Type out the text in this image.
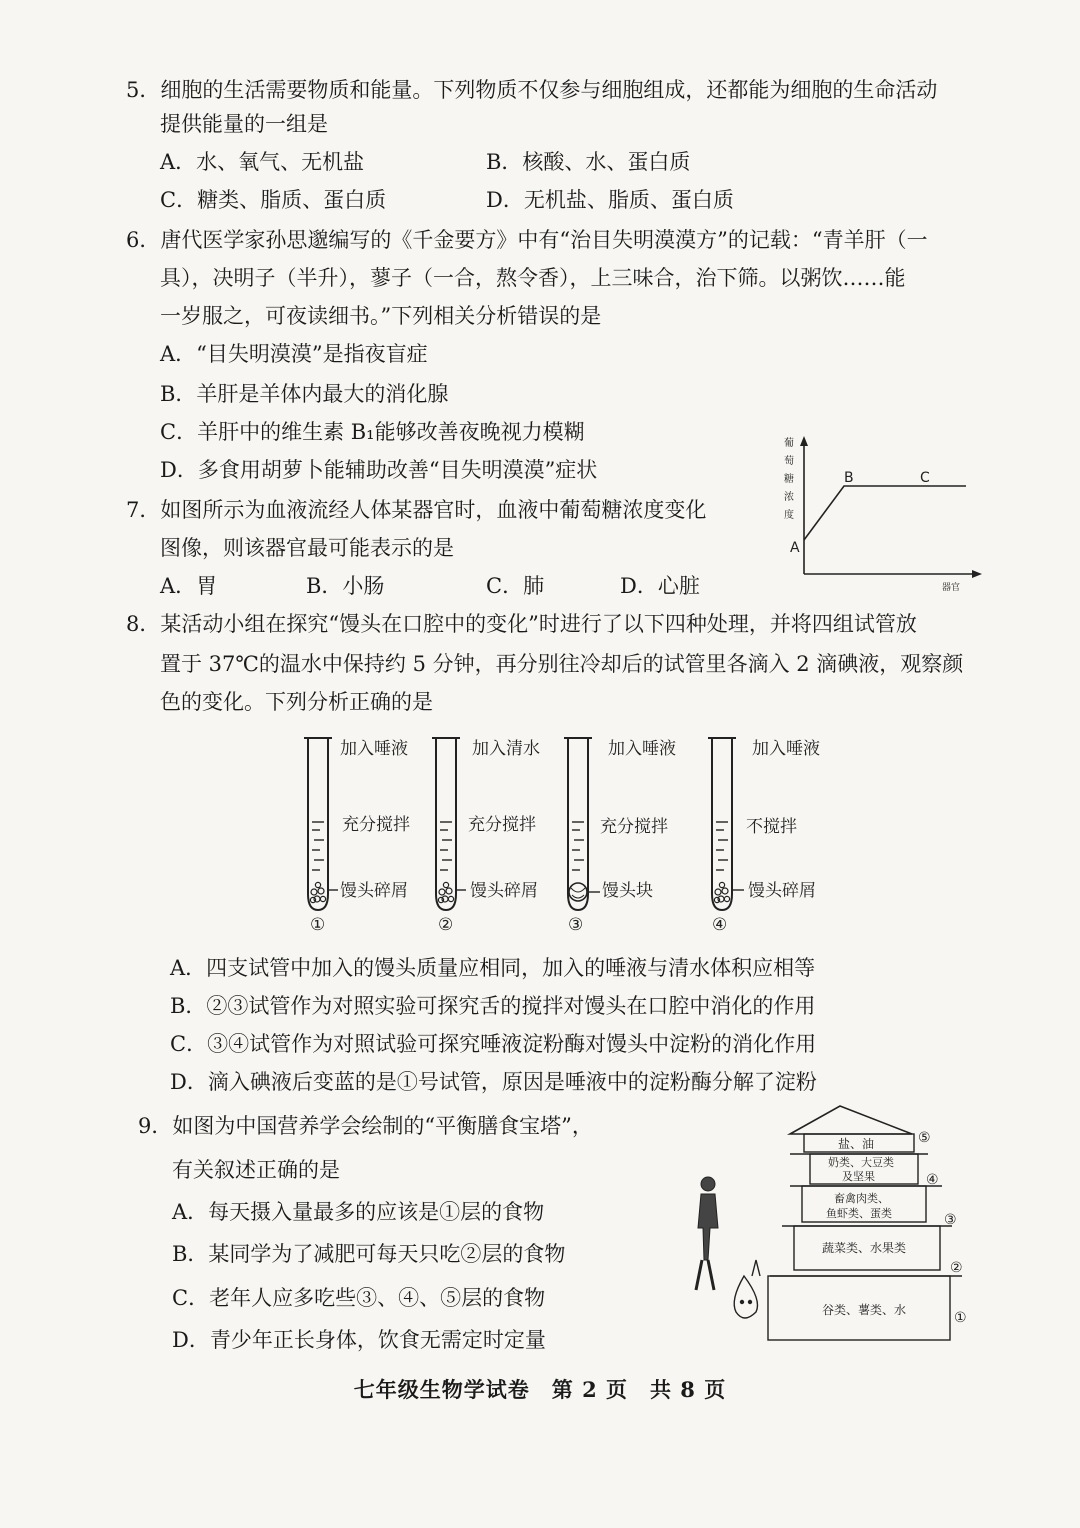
5．细胞的生活需要物质和能量。下列物质不仅参与细胞组成，还都能为细胞的生命活动
提供能量的一组是
A．水、氧气、无机盐	B．核酸、水、蛋白质
C．糖类、脂质、蛋白质	D．无机盐、脂质、蛋白质
6．唐代医学家孙思邈编写的《千金要方》中有“治目失明漠漠方”的记载：“青羊肝（一
具），决明子（半升），蓼子（一合，熬令香），上三味合，治下筛。以粥饮……能
一岁服之，可夜读细书。”下列相关分析错误的是
A．“目失明漠漠”是指夜盲症
B．羊肝是羊体内最大的消化腺
C．羊肝中的维生素 B₁能够改善夜晚视力模糊
D．多食用胡萝卜能辅助改善“目失明漠漠”症状
7．如图所示为血液流经人体某器官时，血液中葡萄糖浓度变化
图像，则该器官最可能表示的是
A．胃	B．小肠	C．肺	D．心脏
葡
萄
糖
浓
度
A
B	C
器官
8．某活动小组在探究“馒头在口腔中的变化”时进行了以下四种处理，并将四组试管放
置于 37℃的温水中保持约 5 分钟，再分别往冷却后的试管里各滴入 2 滴碘液，观察颜
色的变化。下列分析正确的是
加入唾液
充分搅拌
馒头碎屑
①
加入清水
充分搅拌
馒头碎屑
②
加入唾液
充分搅拌
馒头块
③
加入唾液
不搅拌
馒头碎屑
④
A．四支试管中加入的馒头质量应相同，加入的唾液与清水体积应相等
B．②③试管作为对照实验可探究舌的搅拌对馒头在口腔中消化的作用
C．③④试管作为对照试验可探究唾液淀粉酶对馒头中淀粉的消化作用
D．滴入碘液后变蓝的是①号试管，原因是唾液中的淀粉酶分解了淀粉
9．如图为中国营养学会绘制的“平衡膳食宝塔”，
有关叙述正确的是
A．每天摄入量最多的应该是①层的食物
B．某同学为了减肥可每天只吃②层的食物
C．老年人应多吃些③、④、⑤层的食物
D．青少年正长身体，饮食无需定时定量
盐、油	⑤
奶类、大豆类
及坚果	④
畜禽肉类、
鱼虾类、蛋类	③
蔬菜类、水果类
②
谷类、薯类、水	①
七年级生物学试卷　第 2 页　共 8 页
